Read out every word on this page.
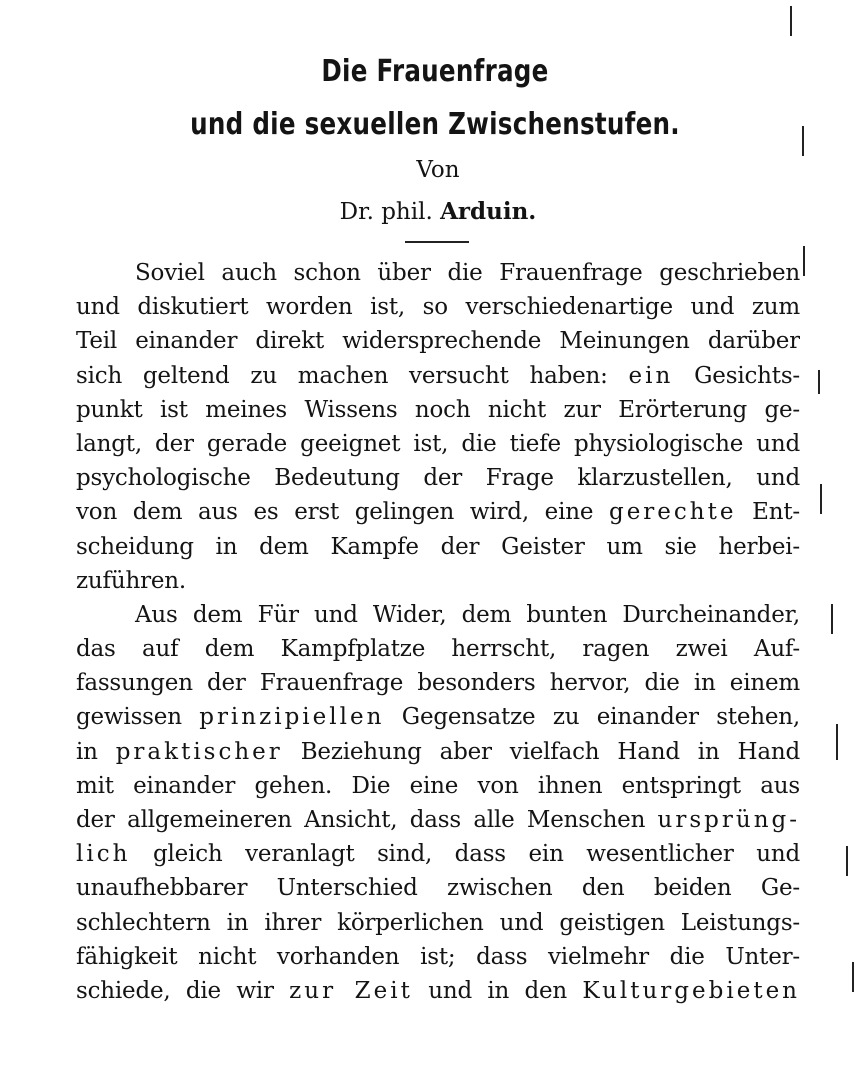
Die Frauenfrage
und die sexuellen Zwischenstufen.
Von
Dr. phil. Arduin.
Soviel auch schon über die Frauenfrage geschrieben
und diskutiert worden ist, so verschiedenartige und zum
Teil einander direkt widersprechende Meinungen darüber
sich geltend zu machen versucht haben: ein Gesichts-
punkt ist meines Wissens noch nicht zur Erörterung ge-
langt, der gerade geeignet ist, die tiefe physiologische und
psychologische Bedeutung der Frage klarzustellen, und
von dem aus es erst gelingen wird, eine gerechte Ent-
scheidung in dem Kampfe der Geister um sie herbei-
zuführen.
Aus dem Für und Wider, dem bunten Durcheinander,
das auf dem Kampfplatze herrscht, ragen zwei Auf-
fassungen der Frauenfrage besonders hervor, die in einem
gewissen prinzipiellen Gegensatze zu einander stehen,
in praktischer Beziehung aber vielfach Hand in Hand
mit einander gehen. Die eine von ihnen entspringt aus
der allgemeineren Ansicht, dass alle Menschen ursprüng-
lich gleich veranlagt sind, dass ein wesentlicher und
unaufhebbarer Unterschied zwischen den beiden Ge-
schlechtern in ihrer körperlichen und geistigen Leistungs-
fähigkeit nicht vorhanden ist; dass vielmehr die Unter-
schiede, die wir zur Zeit und in den Kulturgebieten
